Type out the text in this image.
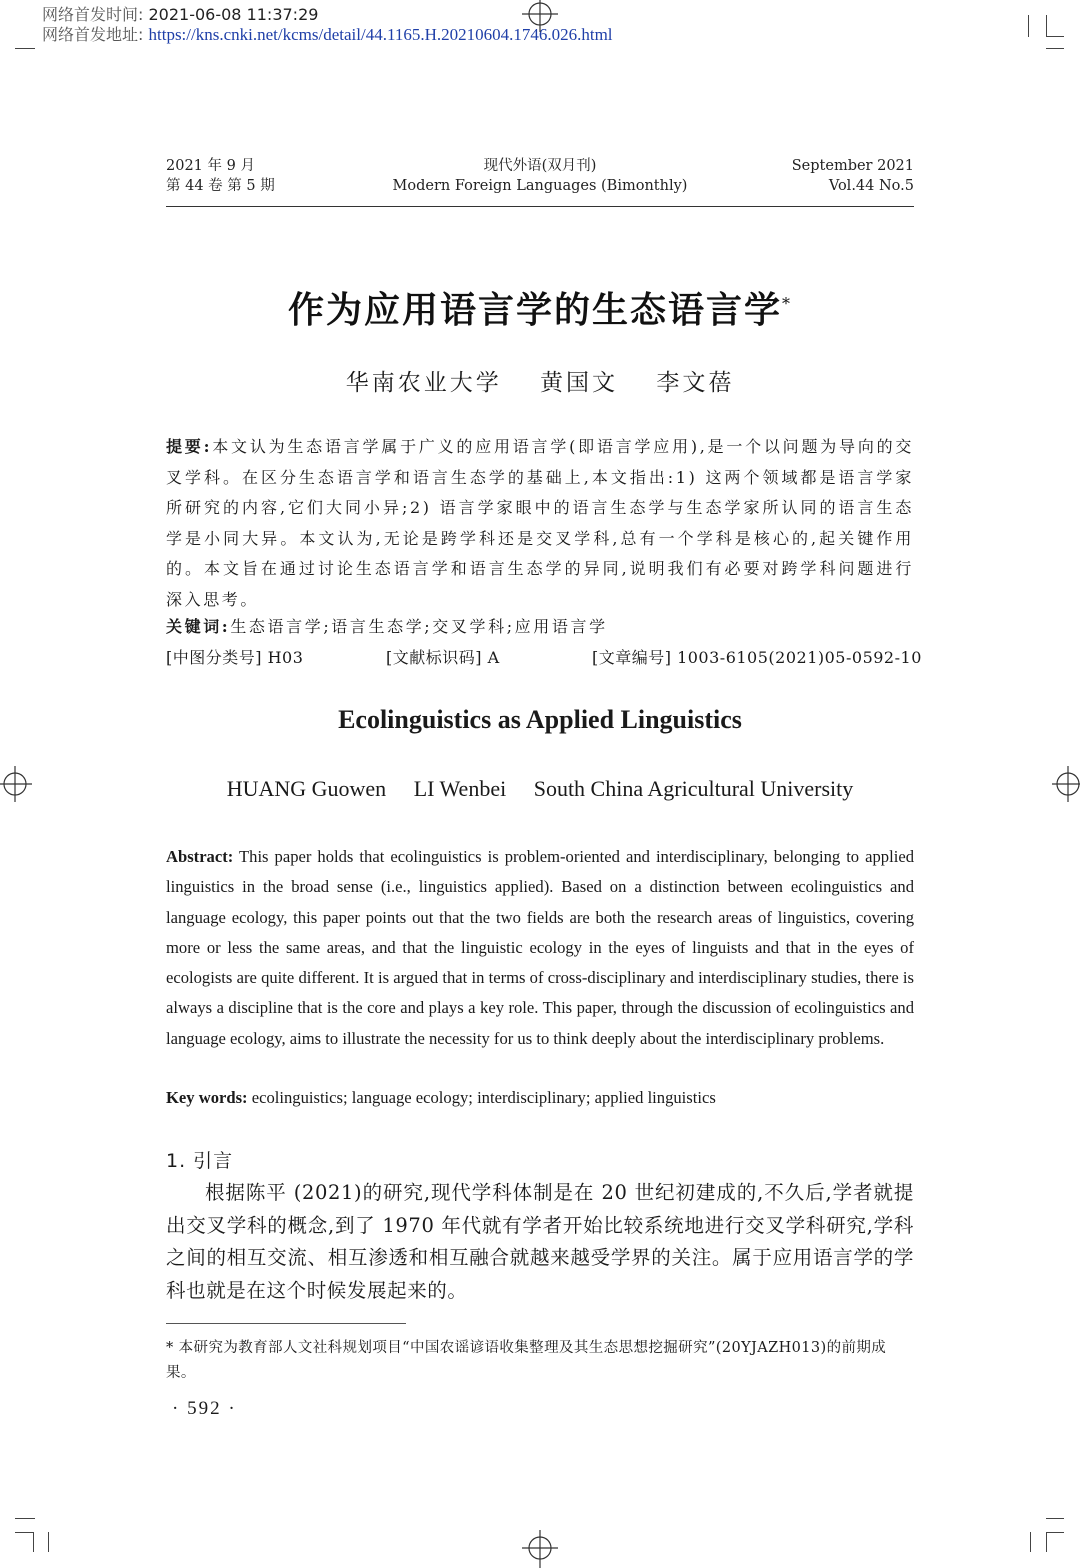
网络首发时间: 2021-06-08 11:37:29
网络首发地址: https://kns.cnki.net/kcms/detail/44.1165.H.20210604.1746.026.html
2021 年 9 月
第 44 卷 第 5 期
现代外语(双月刊)
Modern Foreign Languages (Bimonthly)
September 2021
Vol.44 No.5
作为应用语言学的生态语言学*
华南农业大学 黄国文 李文蓓
提要:本文认为生态语言学属于广义的应用语言学(即语言学应用),是一个以问题为导向的交叉学科。在区分生态语言学和语言生态学的基础上,本文指出:1) 这两个领域都是语言学家所研究的内容,它们大同小异;2) 语言学家眼中的语言生态学与生态学家所认同的语言生态学是小同大异。本文认为,无论是跨学科还是交叉学科,总有一个学科是核心的,起关键作用的。本文旨在通过讨论生态语言学和语言生态学的异同,说明我们有必要对跨学科问题进行深入思考。
关键词:生态语言学;语言生态学;交叉学科;应用语言学
[中图分类号] H03	[文献标识码] A	[文章编号] 1003-6105(2021)05-0592-10
Ecolinguistics as Applied Linguistics
HUANG Guowen LI Wenbei South China Agricultural University
Abstract: This paper holds that ecolinguistics is problem-oriented and interdisciplinary, belonging to applied linguistics in the broad sense (i.e., linguistics applied). Based on a distinction between ecolinguistics and language ecology, this paper points out that the two fields are both the research areas of linguistics, covering more or less the same areas, and that the linguistic ecology in the eyes of linguists and that in the eyes of ecologists are quite different. It is argued that in terms of cross-disciplinary and interdisciplinary studies, there is always a discipline that is the core and plays a key role. This paper, through the discussion of ecolinguistics and language ecology, aims to illustrate the necessity for us to think deeply about the interdisciplinary problems.
Key words: ecolinguistics; language ecology; interdisciplinary; applied linguistics
1. 引言

根据陈平 (2021)的研究,现代学科体制是在 20 世纪初建成的,不久后,学者就提出交叉学科的概念,到了 1970 年代就有学者开始比较系统地进行交叉学科研究,学科之间的相互交流、相互渗透和相互融合就越来越受学界的关注。属于应用语言学的学科也就是在这个时候发展起来的。

* 本研究为教育部人文社科规划项目“中国农谣谚语收集整理及其生态思想挖掘研究”(20YJAZH013)的前期成果。
· 592 ·
